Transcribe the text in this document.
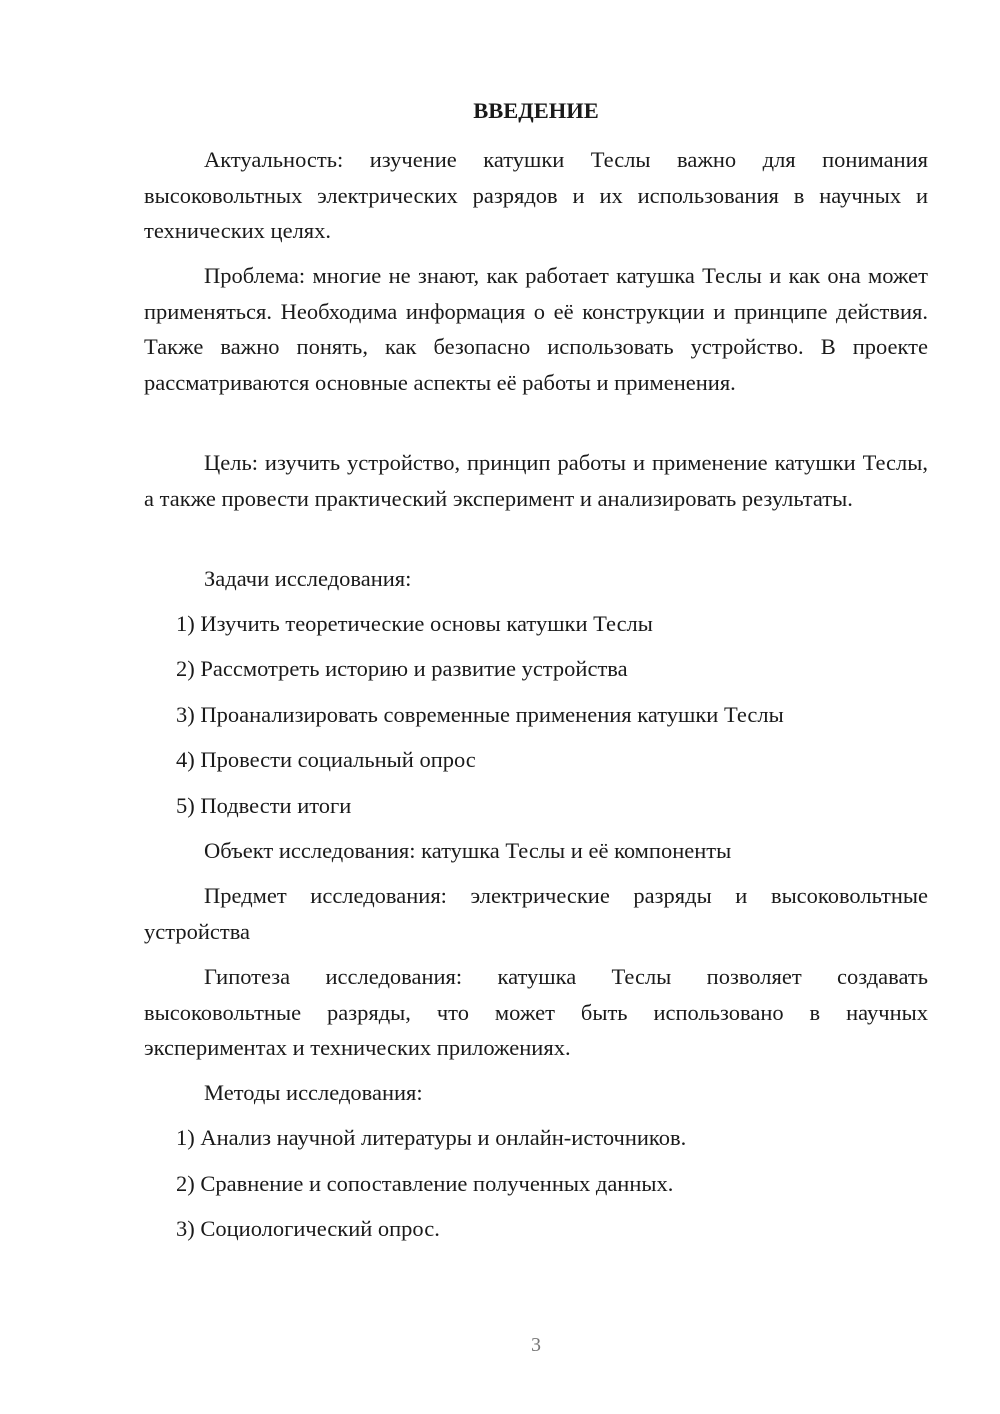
ВВЕДЕНИЕ

Актуальность: изучение катушки Теслы важно для понимания высоковольтных электрических разрядов и их использования в научных и технических целях.

Проблема: многие не знают, как работает катушка Теслы и как она может применяться. Необходима информация о её конструкции и принципе действия. Также важно понять, как безопасно использовать устройство. В проекте рассматриваются основные аспекты её работы и применения.

Цель: изучить устройство, принцип работы и применение катушки Теслы, а также провести практический эксперимент и анализировать результаты.

Задачи исследования:

1) Изучить теоретические основы катушки Теслы

2) Рассмотреть историю и развитие устройства

3) Проанализировать современные применения катушки Теслы

4) Провести социальный опрос

5) Подвести итоги

Объект исследования: катушка Теслы и её компоненты

Предмет исследования: электрические разряды и высоковольтные устройства

Гипотеза исследования: катушка Теслы позволяет создавать высоковольтные разряды, что может быть использовано в научных экспериментах и технических приложениях.

Методы исследования:

1) Анализ научной литературы и онлайн-источников.

2) Сравнение и сопоставление полученных данных.

3) Социологический опрос.

3
